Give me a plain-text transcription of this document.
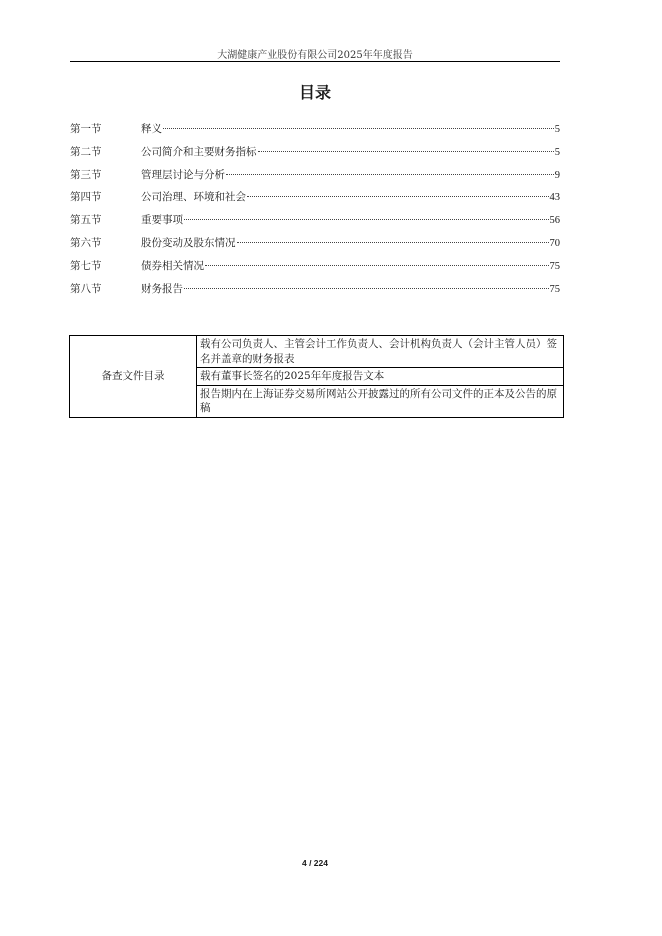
大湖健康产业股份有限公司2025年年度报告
目录
第一节	释义	5
第二节	公司简介和主要财务指标	5
第三节	管理层讨论与分析	9
第四节	公司治理、环境和社会	43
第五节	重要事项	56
第六节	股份变动及股东情况	70
第七节	债券相关情况	75
第八节	财务报告	75
备查文件目录	载有公司负责人、主管会计工作负责人、会计机构负责人（会计主管人员）签名并盖章的财务报表
载有董事长签名的2025年年度报告文本
报告期内在上海证券交易所网站公开披露过的所有公司文件的正本及公告的原稿
4 / 224
